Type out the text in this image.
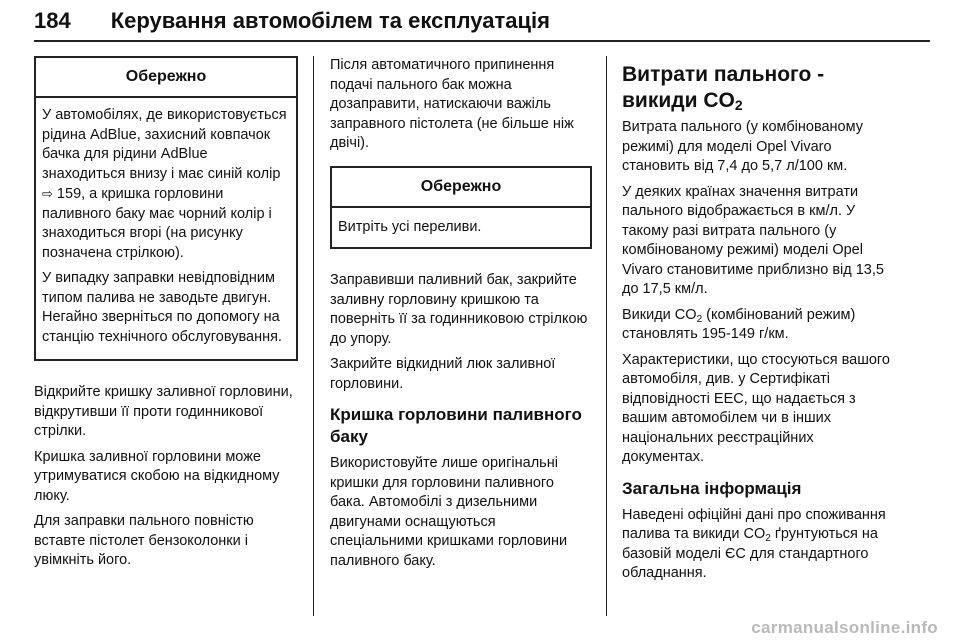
184 Керування автомобілем та експлуатація
Обережно

У автомобілях, де використовується рідина AdBlue, захисний ковпачок бачка для рідини AdBlue знаходиться внизу і має синій колір ⇨ 159, а кришка горловини паливного баку має чорний колір і знаходиться вгорі (на рисунку позначена стрілкою).

У випадку заправки невідповідним типом палива не заводьте двигун. Негайно зверніться по допомогу на станцію технічного обслуговування.

Відкрийте кришку заливної горловини, відкрутивши її проти годинникової стрілки.

Кришка заливної горловини може утримуватися скобою на відкидному люку.

Для заправки пального повністю вставте пістолет бензоколонки і увімкніть його.

Після автоматичного припинення подачі пального бак можна дозаправити, натискаючи важіль заправного пістолета (не більше ніж двічі).

Обережно

Витріть усі переливи.

Заправивши паливний бак, закрийте заливну горловину кришкою та поверніть її за годинниковою стрілкою до упору.

Закрийте відкидний люк заливної горловини.

Кришка горловини паливного баку

Використовуйте лише оригінальні кришки для горловини паливного бака. Автомобілі з дизельними двигунами оснащуються спеціальними кришками горловини паливного баку.

Витрати пального - викиди $CO_2$

Витрата пального (у комбінованому режимі) для моделі Opel Vivaro становить від 7,4 до 5,7 л/100 км.

У деяких країнах значення витрати пального відображається в км/л. У такому разі витрата пального (у комбінованому режимі) моделі Opel Vivaro становитиме приблизно від 13,5 до 17,5 км/л.

Викиди $CO_2$ (комбінований режим) становлять 195-149 г/км.

Характеристики, що стосуються вашого автомобіля, див. у Сертифікаті відповідності ЕЕС, що надається з вашим автомобілем чи в інших національних реєстраційних документах.

Загальна інформація

Наведені офіційні дані про споживання палива та викиди $CO_2$ ґрунтуються на базовій моделі ЄС для стандартного обладнання.

carmanualsonline.info
